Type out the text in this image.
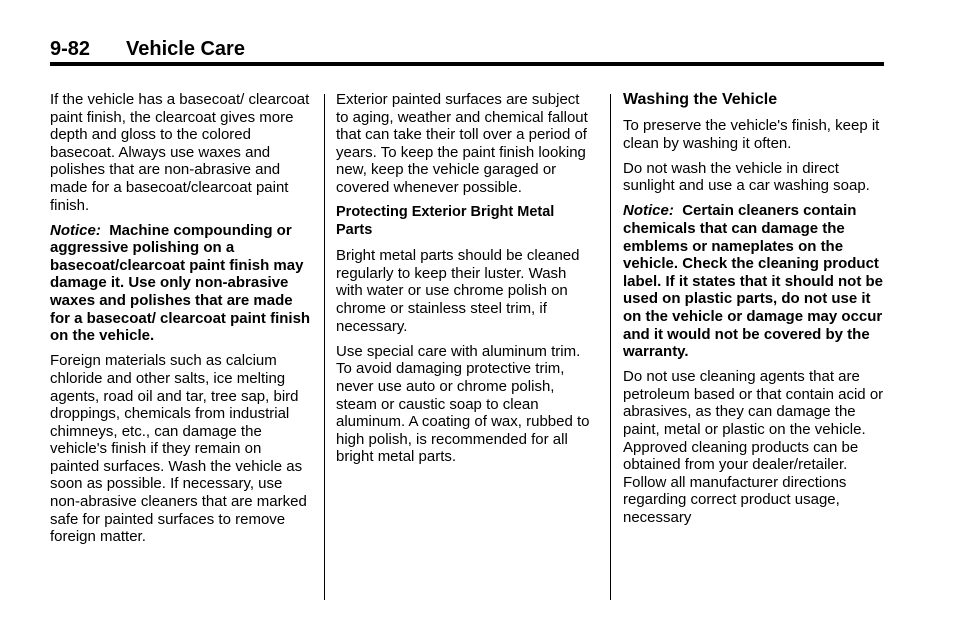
9-82 Vehicle Care

If the vehicle has a basecoat/ clearcoat paint finish, the clearcoat gives more depth and gloss to the colored basecoat. Always use waxes and polishes that are non-abrasive and made for a basecoat/clearcoat paint finish.

Notice: Machine compounding or aggressive polishing on a basecoat/clearcoat paint finish may damage it. Use only non-abrasive waxes and polishes that are made for a basecoat/ clearcoat paint finish on the vehicle.

Foreign materials such as calcium chloride and other salts, ice melting agents, road oil and tar, tree sap, bird droppings, chemicals from industrial chimneys, etc., can damage the vehicle's finish if they remain on painted surfaces. Wash the vehicle as soon as possible. If necessary, use non-abrasive cleaners that are marked safe for painted surfaces to remove foreign matter.

Exterior painted surfaces are subject to aging, weather and chemical fallout that can take their toll over a period of years. To keep the paint finish looking new, keep the vehicle garaged or covered whenever possible.

Protecting Exterior Bright Metal Parts

Bright metal parts should be cleaned regularly to keep their luster. Wash with water or use chrome polish on chrome or stainless steel trim, if necessary.

Use special care with aluminum trim. To avoid damaging protective trim, never use auto or chrome polish, steam or caustic soap to clean aluminum. A coating of wax, rubbed to high polish, is recommended for all bright metal parts.

Washing the Vehicle

To preserve the vehicle's finish, keep it clean by washing it often.

Do not wash the vehicle in direct sunlight and use a car washing soap.

Notice: Certain cleaners contain chemicals that can damage the emblems or nameplates on the vehicle. Check the cleaning product label. If it states that it should not be used on plastic parts, do not use it on the vehicle or damage may occur and it would not be covered by the warranty.

Do not use cleaning agents that are petroleum based or that contain acid or abrasives, as they can damage the paint, metal or plastic on the vehicle. Approved cleaning products can be obtained from your dealer/retailer. Follow all manufacturer directions regarding correct product usage, necessary
